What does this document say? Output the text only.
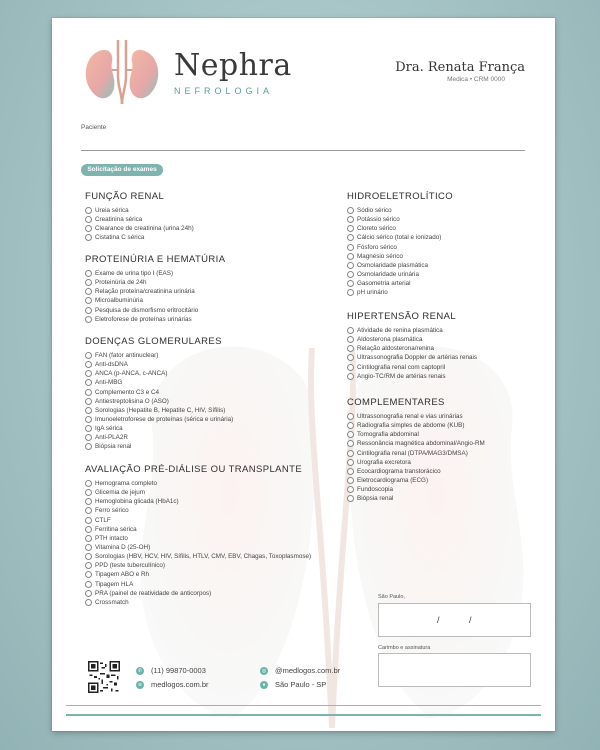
Nephra
NEFROLOGIA
Dra. Renata França
Medica • CRM 0000
Paciente
Solicitação de exames
FUNÇÃO RENAL
Ureia sérica
Creatinina sérica
Clearance de creatinina (urina 24h)
Cistatina C sérica
PROTEINÚRIA E HEMATÚRIA
Exame de urina tipo I (EAS)
Proteinúria de 24h
Relação proteína/creatinina urinária
Microalbuminúria
Pesquisa de dismorfismo eritrocitário
Eletroforese de proteínas urinárias
DOENÇAS GLOMERULARES
FAN (fator antinuclear)
Anti-dsDNA
ANCA (p-ANCA, c-ANCA)
Anti-MBG
Complemento C3 e C4
Antiestreptolisina O (ASO)
Sorologias (Hepatite B, Hepatite C, HIV, Sífilis)
Imunoeletroforese de proteínas (sérica e urinária)
IgA sérica
Anti-PLA2R
Biópsia renal
AVALIAÇÃO PRÉ-DIÁLISE OU TRANSPLANTE
Hemograma completo
Glicemia de jejum
Hemoglobina glicada (HbA1c)
Ferro sérico
CTLF
Ferritina sérica
PTH intacto
Vitamina D (25-OH)
Sorologias (HBV, HCV, HIV, Sífilis, HTLV, CMV, EBV, Chagas, Toxoplasmose)
PPD (teste tuberculínico)
Tipagem ABO e Rh
Tipagem HLA
PRA (painel de reatividade de anticorpos)
Crossmatch
HIDROELETROLÍTICO
Sódio sérico
Potássio sérico
Cloreto sérico
Cálcio sérico (total e ionizado)
Fósforo sérico
Magnésio sérico
Osmolaridade plasmática
Osmolaridade urinária
Gasometria arterial
pH urinário
HIPERTENSÃO RENAL
Atividade de renina plasmática
Aldosterona plasmática
Relação aldosterona/renina
Ultrassonografia Doppler de artérias renais
Cintilografia renal com captopril
Angio-TC/RM de artérias renais
COMPLEMENTARES
Ultrassonografia renal e vias urinárias
Radiografia simples de abdome (KUB)
Tomografia abdominal
Ressonância magnética abdominal/Angio-RM
Cintilografia renal (DTPA/MAG3/DMSA)
Urografia excretora
Ecocardiograma transtorácico
Eletrocardiograma (ECG)
Fundoscopia
Biópsia renal
São Paulo,
/	/
Carimbo e assinatura
✆ (11) 99870-0003
≋ medlogos.com.br
◎ @medlogos.com.br
●	São Paulo - SP
